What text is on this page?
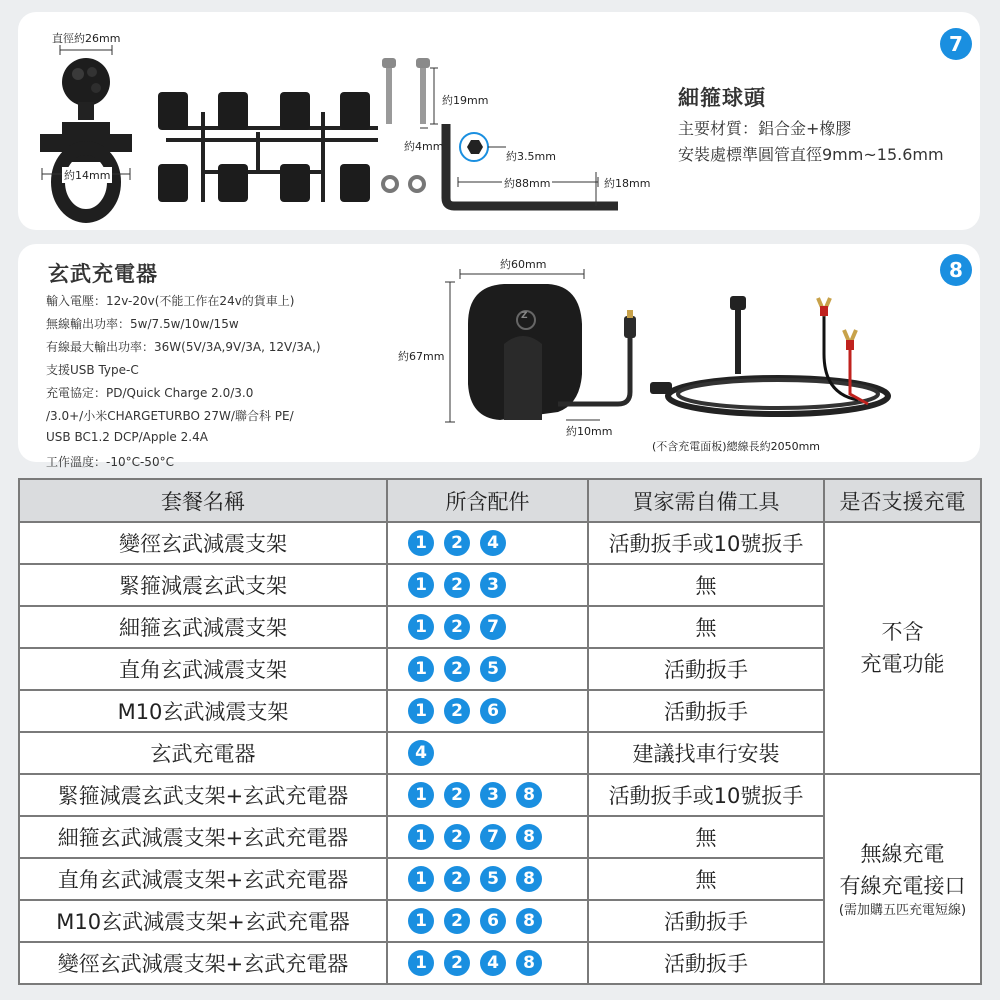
7
直徑約26mm
約14mm
約19mm
約4mm
約3.5mm
約88mm	約18mm
細箍球頭
主要材質：鋁合金+橡膠
安裝處標準圓管直徑9mm~15.6mm
8
玄武充電器
輸入電壓：12v-20v(不能工作在24v的貨車上)
無線輸出功率：5w/7.5w/10w/15w
有線最大輸出功率：36W(5V/3A,9V/3A, 12V/3A,)
支援USB Type-C
充電協定：PD/Quick Charge 2.0/3.0
/3.0+/小米CHARGETURBO 27W/聯合科 PE/
USB BC1.2 DCP/Apple 2.4A
工作溫度：-10°C-50°C
約60mm
約67mm
約10mm
(不含充電面板)總線長約2050mm
Z
套餐名稱	所含配件	買家需自備工具	是否支援充電
變徑玄武減震支架	1 2 4	活動扳手或10號扳手	不含
充電功能

緊箍減震玄武支架	1 2 3	無	
細箍玄武減震支架	1 2 7	無	
直角玄武減震支架	1 2 5	活動扳手	
M10玄武減震支架	1 2 6	活動扳手	
玄武充電器	4	建議找車行安裝	
緊箍減震玄武支架+玄武充電器	1 2 3 8	活動扳手或10號扳手	無線充電
有線充電接口
(需加購五匹充電短線)

細箍玄武減震支架+玄武充電器	1 2 7 8	無	
直角玄武減震支架+玄武充電器	1 2 5 8	無	
M10玄武減震支架+玄武充電器	1 2 6 8	活動扳手	
變徑玄武減震支架+玄武充電器	1 2 4 8	活動扳手	
